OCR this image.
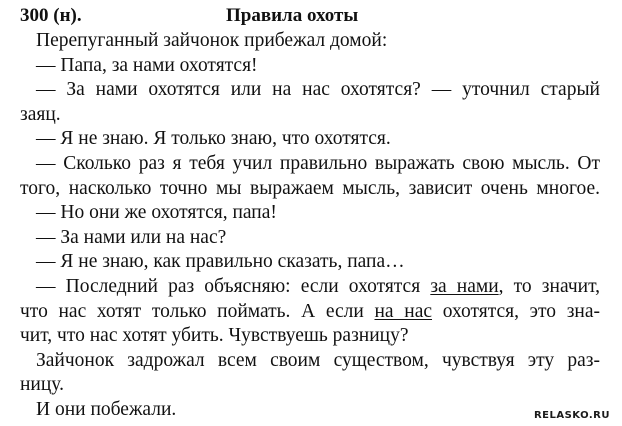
300 (н).	Правила охоты
Перепуганный зайчонок прибежал домой:
— Папа, за нами охотятся!
— За нами охотятся или на нас охотятся? — уточнил старый
заяц.
— Я не знаю. Я только знаю, что охотятся.
— Сколько раз я тебя учил правильно выражать свою мысль. От
того, насколько точно мы выражаем мысль, зависит очень многое.
— Но они же охотятся, папа!
— За нами или на нас?
— Я не знаю, как правильно сказать, папа…
— Последний раз объясняю: если охотятся за нами, то значит,
что нас хотят только поймать. А если на нас охотятся, это зна-
чит, что нас хотят убить. Чувствуешь разницу?
Зайчонок задрожал всем своим существом, чувствуя эту раз-
ницу.
И они побежали.	RELASKO.RU
